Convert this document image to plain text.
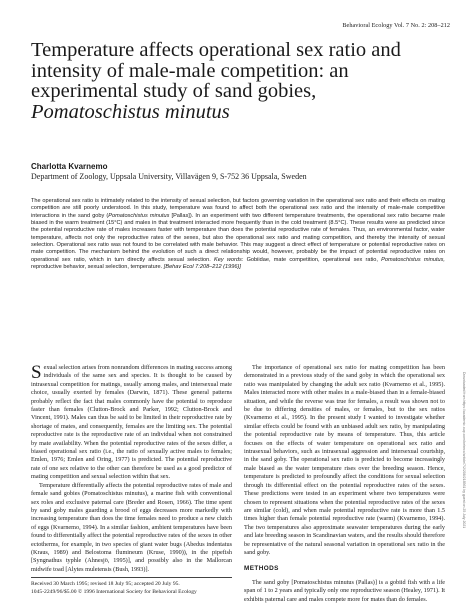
Behavioral Ecology Vol. 7 No. 2: 208–212
Temperature affects operational sex ratio and
intensity of male-male competition: an
experimental study of sand gobies,
Pomatoschistus minutus
Charlotta Kvarnemo
Department of Zoology, Uppsala University, Villavägen 9, S-752 36 Uppsala, Sweden
The operational sex ratio is intimately related to the intensity of sexual selection, but factors governing variation in the operational sex ratio and their effects on mating competition are still poorly understood. In this study, temperature was found to affect both the operational sex ratio and the intensity of male-male competitive interactions in the sand goby (Pomatoschistus minutus [Pallas]). In an experiment with two different temperature treatments, the operational sex ratio became male biased in the warm treatment (15°C) and males in that treatment interacted more frequently than in the cold treatment (8.5°C). These results were as predicted since the potential reproductive rate of males increases faster with temperature than does the potential reproductive rate of females. Thus, an environmental factor, water temperature, affects not only the reproductive rates of the sexes, but also the operational sex ratio and mating competition, and thereby the intensity of sexual selection. Operational sex ratio was not found to be correlated with male behavior. This may suggest a direct effect of temperature or potential reproductive rates on mate competition. The mechanism behind the evolution of such a direct relationship would, however, probably be the impact of potential reproductive rates on operational sex ratio, which in turn directly affects sexual selection. Key words: Gobiidae, mate competition, operational sex ratio, Pomatoschistus minutus, reproductive behavior, sexual selection, temperature. [Behav Ecol 7:208–212 (1996)]
Downloaded from https://academic.oup.com/beheco/article/7/2/208/218561 by guest on 25 July 2021

Sexual selection arises from nonrandom differences in mating success among individuals of the same sex and species. It is thought to be caused by intrasexual competition for matings, usually among males, and intersexual mate choice, usually exerted by females (Darwin, 1871). These general patterns probably reflect the fact that males commonly have the potential to reproduce faster than females (Clutton-Brock and Parker, 1992; Clutton-Brock and Vincent, 1991). Males can thus be said to be limited in their reproductive rate by shortage of mates, and consequently, females are the limiting sex. The potential reproductive rate is the reproductive rate of an individual when not constrained by mate availability. When the potential reproductive rates of the sexes differ, a biased operational sex ratio (i.e., the ratio of sexually active males to females; Emlen, 1976; Emlen and Oring, 1977) is predicted. The potential reproductive rate of one sex relative to the other can therefore be used as a good predictor of mating competition and sexual selection within that sex.

Temperature differentially affects the potential reproductive rates of male and female sand gobies (Pomatoschistus minutus), a marine fish with conventional sex roles and exclusive paternal care (Breder and Rosen, 1966). The time spent by sand goby males guarding a brood of eggs decreases more markedly with increasing temperature than does the time females need to produce a new clutch of eggs (Kvarnemo, 1994). In a similar fashion, ambient temperatures have been found to differentially affect the potential reproductive rates of the sexes in other ectotherms, for example, in two species of giant water bugs (Abedus indentatus (Kraus, 1989) and Belostoma flumineum (Kruse, 1990)), in the pipefish [Syngnathus typhle (Ahnesjö, 1995)], and possibly also in the Mallorcan midwife toad [Alytes muletensis (Bush, 1993)].

The importance of operational sex ratio for mating competition has been demonstrated in a previous study of the sand goby in which the operational sex ratio was manipulated by changing the adult sex ratio (Kvarnemo et al., 1995). Males interacted more with other males in a male-biased than in a female-biased situation, and while the reverse was true for females, a result was shown not to be due to differing densities of males, or females, but to the sex ratios (Kvarnemo et al., 1995). In the present study I wanted to investigate whether similar effects could be found with an unbiased adult sex ratio, by manipulating the potential reproductive rate by means of temperature. Thus, this article focuses on the effects of water temperature on operational sex ratio and intrasexual behaviors, such as intrasexual aggression and intersexual courtship, in the sand goby. The operational sex ratio is predicted to become increasingly male biased as the water temperature rises over the breeding season. Hence, temperature is predicted to profoundly affect the conditions for sexual selection through its differential effect on the potential reproductive rates of the sexes. These predictions were tested in an experiment where two temperatures were chosen to represent situations when the potential reproductive rates of the sexes are similar (cold), and when male potential reproductive rate is more than 1.5 times higher than female potential reproductive rate (warm) (Kvarnemo, 1994). The two temperatures also approximate seawater temperatures during the early and late breeding season in Scandinavian waters, and the results should therefore be representative of the natural seasonal variation in operational sex ratio in the sand goby.

METHODS

The sand goby [Pomatoschistus minutus (Pallas)] is a gobiid fish with a life span of 1 to 2 years and typically only one reproductive season (Healey, 1971). It exhibits paternal care and males compete more for mates than do females.

Received 30 March 1995; revised 18 July 95; accepted 20 July 95.
1045-2249/96/$5.00 © 1996 International Society for Behavioral Ecology
